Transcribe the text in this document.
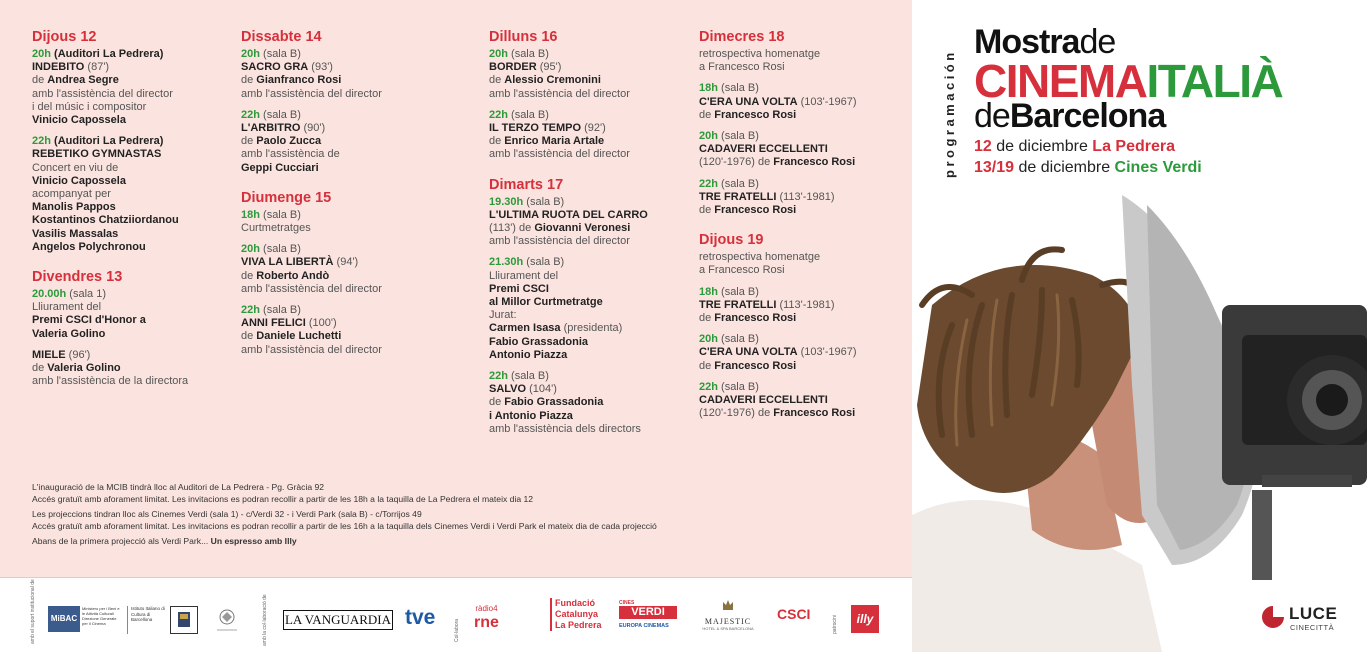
Dijous 12
20h (Auditori La Pedrera)
INDEBITO (87')
de Andrea Segre
amb l'assistència del director
i del músic i compositor
Vinicio Capossela
22h (Auditori La Pedrera)
REBETIKO GYMNASTAS
Concert en viu de
Vinicio Capossela
acompanyat per
Manolis Pappos
Kostantinos Chatziiordanou
Vasilis Massalas
Angelos Polychronou
Divendres 13
20.00h (sala 1)
Lliurament del
Premi CSCI d'Honor a
Valeria Golino
MIELE (96')
de Valeria Golino
amb l'assistència de la directora
Dissabte 14
20h (sala B)
SACRO GRA (93')
de Gianfranco Rosi
amb l'assistència del director
22h (sala B)
L'ARBITRO (90')
de Paolo Zucca
amb l'assistència de
Geppi Cucciari
Diumenge 15
18h (sala B)
Curtmetratges
20h (sala B)
VIVA LA LIBERTÀ (94')
de Roberto Andò
amb l'assistència del director
22h (sala B)
ANNI FELICI (100')
de Daniele Luchetti
amb l'assistència del director
Dilluns 16
20h (sala B)
BORDER (95')
de Alessio Cremonini
amb l'assistència del director
22h (sala B)
IL TERZO TEMPO (92')
de Enrico Maria Artale
amb l'assistència del director
Dimarts 17
19.30h (sala B)
L'ULTIMA RUOTA DEL CARRO
(113') de Giovanni Veronesi
amb l'assistència del director
21.30h (sala B)
Lliurament del
Premi CSCI
al Millor Curtmetratge
Jurat:
Carmen Isasa (presidenta)
Fabio Grassadonia
Antonio Piazza
22h (sala B)
SALVO (104')
de Fabio Grassadonia
i Antonio Piazza
amb l'assistència dels directors
Dimecres 18
retrospectiva homenatge
a Francesco Rosi
18h (sala B)
C'ERA UNA VOLTA (103'-1967)
de Francesco Rosi
20h (sala B)
CADAVERI ECCELLENTI
(120'-1976) de Francesco Rosi
22h (sala B)
TRE FRATELLI (113'-1981)
de Francesco Rosi
Dijous 19
retrospectiva homenatge
a Francesco Rosi
18h (sala B)
TRE FRATELLI (113'-1981)
de Francesco Rosi
20h (sala B)
C'ERA UNA VOLTA (103'-1967)
de Francesco Rosi
22h (sala B)
CADAVERI ECCELLENTI
(120'-1976) de Francesco Rosi
L'inauguració de la MCIB tindrà lloc al Auditori de La Pedrera - Pg. Gràcia 92
Accés gratuït amb aforament limitat. Les invitacions es podran recollir a partir de les 18h a la taquilla de La Pedrera el mateix dia 12
Les projeccions tindran lloc als Cinemes Verdi (sala 1) - c/Verdi 32 - i Verdi Park (sala B) - c/Torrijos 49
Accés gratuït amb aforament limitat. Les invitacions es podran recollir a partir de les 16h a la taquilla dels Cinemes Verdi i Verdi Park el mateix dia de cada projecció
Abans de la primera projecció als Verdi Park... Un espresso amb Illy
amb el suport institucional de	MiBAC
Ministero per i Beni e le Attività Culturali Direzione Generale per il Cinema
Istituto Italiano di Cultura di Barcellona	amb la col·laboració de LA VANGUARDIA tve
Col·labora
ràdio4
rne
Fundació
Catalunya
La Pedrera
CINES
VERDI
EUROPA CINEMAS	MAJESTIC
HOTEL & SPA BARCELONA
CSCI
patrocini	illy
programación
Mostrade
CINEMAITALIÀ
deBarcelona
12 de diciembre La Pedrera
13/19 de diciembre Cines Verdi
LUCE
CINECITTÀ
